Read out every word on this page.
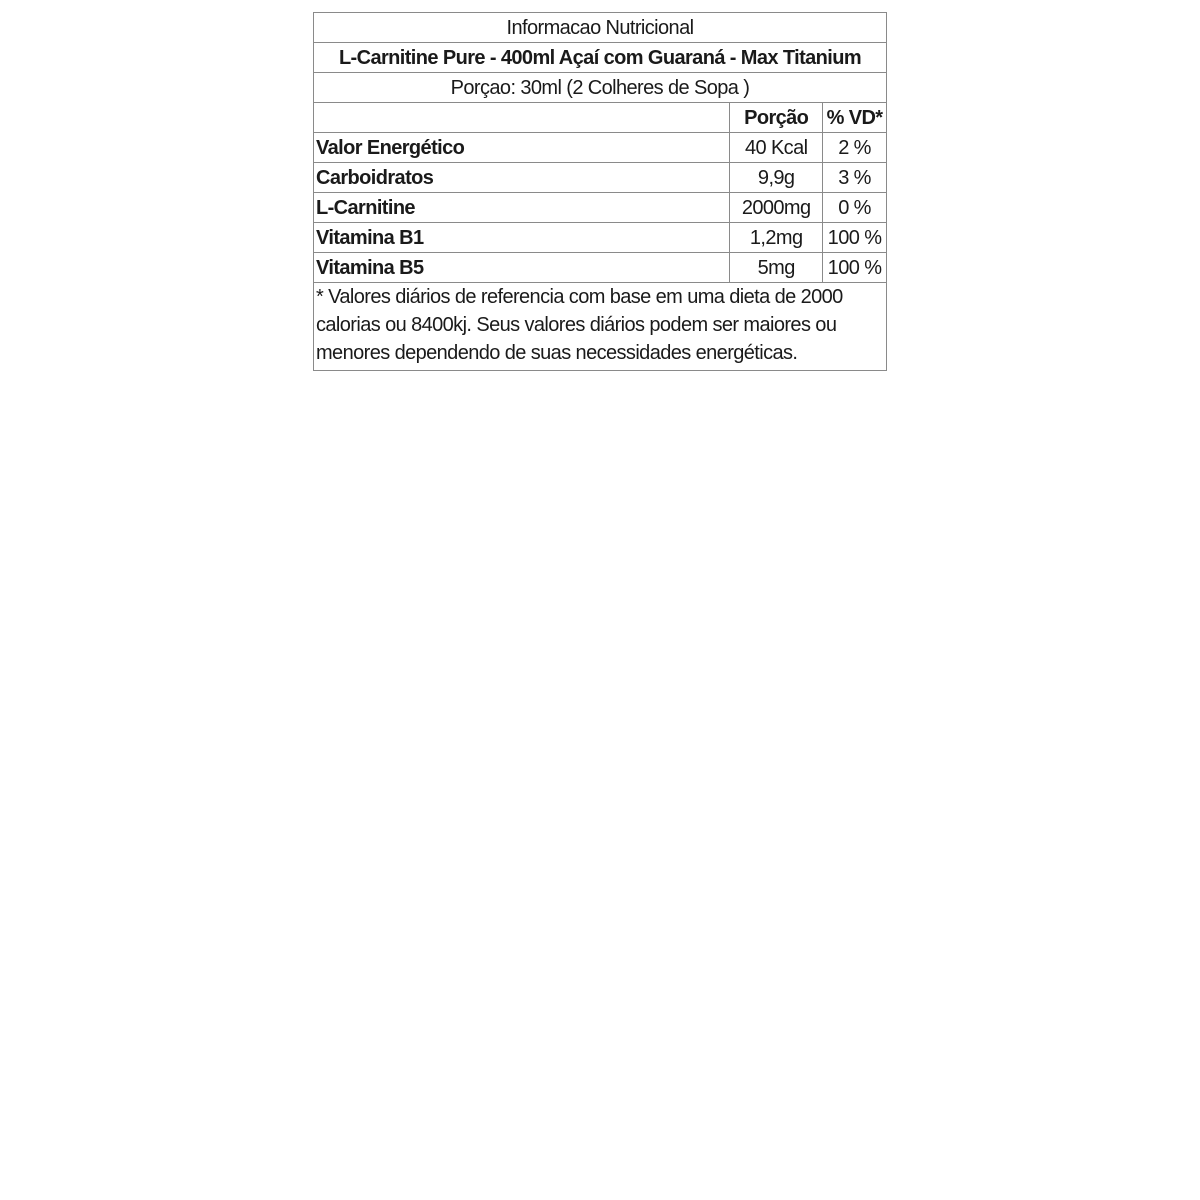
Informacao Nutricional		
L-Carnitine Pure - 400ml Açaí com Guaraná - Max Titanium		
Porçao: 30ml (2 Colheres de Sopa )		
	Porção	% VD*
Valor Energético	40 Kcal	2 %
Carboidratos	9,9g	3 %
L-Carnitine	2000mg	0 %
Vitamina B1	1,2mg	100 %
Vitamina B5	5mg	100 %

* Valores diários de referencia com base em uma dieta de 2000
calorias ou 8400kj. Seus valores diários podem ser maiores ou
menores dependendo de suas necessidades energéticas.		
